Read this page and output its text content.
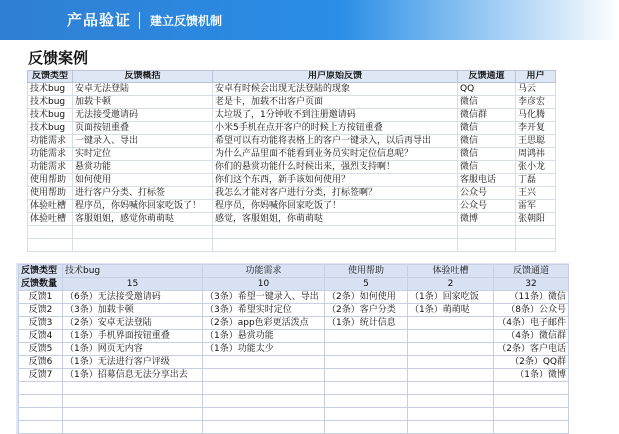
产品验证 建立反馈机制
反馈案例
反馈类型	反馈概括	用户原始反馈	反馈通道	用户
技术bug	安卓无法登陆	安卓有时候会出现无法登陆的现象	QQ	马云
技术bug	加载卡顿	老是卡，加载不出客户页面	微信	李彦宏
技术bug	无法接受邀请码	太垃圾了，1分钟收不到注册邀请码	微信群	马化腾
技术bug	页面按钮重叠	小米5手机在点开客户的时候上方按钮重叠	微信	李开复
功能需求	一键录入、导出	希望可以有功能将表格上的客户一键录入，以后再导出	微信	王思聪
功能需求	实时定位	为什么产品里面不能看到业务员实时定位信息呢？	微信	周鸿祎
功能需求	悬赏功能	你们的悬赏功能什么时候出来，强烈支持啊！	微信	张小龙
使用帮助	如何使用	你们这个东西，新手该如何使用？	客服电话	丁磊
使用帮助	进行客户分类、打标签	我怎么才能对客户进行分类，打标签啊？	公众号	王兴
体验吐槽	程序员，你妈喊你回家吃饭了！	程序员，你妈喊你回家吃饭了！	公众号	雷军
体验吐槽	客服姐姐，感觉你萌萌哒	感觉，客服姐姐，你萌萌哒	微博	张朝阳

反馈类型	技术bug	功能需求	使用帮助	体验吐槽	反馈通道
反馈数量	15	10	5	2	32
反馈1	（6条）无法接受邀请码	（3条）希望一键录入、导出	（2条）如何使用	（1条）回家吃饭	（11条）微信
反馈2	（3条）加载卡顿	（3条）希望实时定位	（2条）客户分类	（1条）萌萌哒	（8条）公众号
反馈3	（2条）安卓无法登陆	（2条）app色彩更活泼点	（1条）统计信息		（4条）电子邮件
反馈4	（1条）手机界面按钮重叠	（1条）悬赏功能			（4条）微信群
反馈5	（1条）网页无内容	（1条）功能太少			（2条）客户电话
反馈6	（1条）无法进行客户评级				（2条）QQ群
反馈7	（1条）招募信息无法分享出去				（1条）微博
